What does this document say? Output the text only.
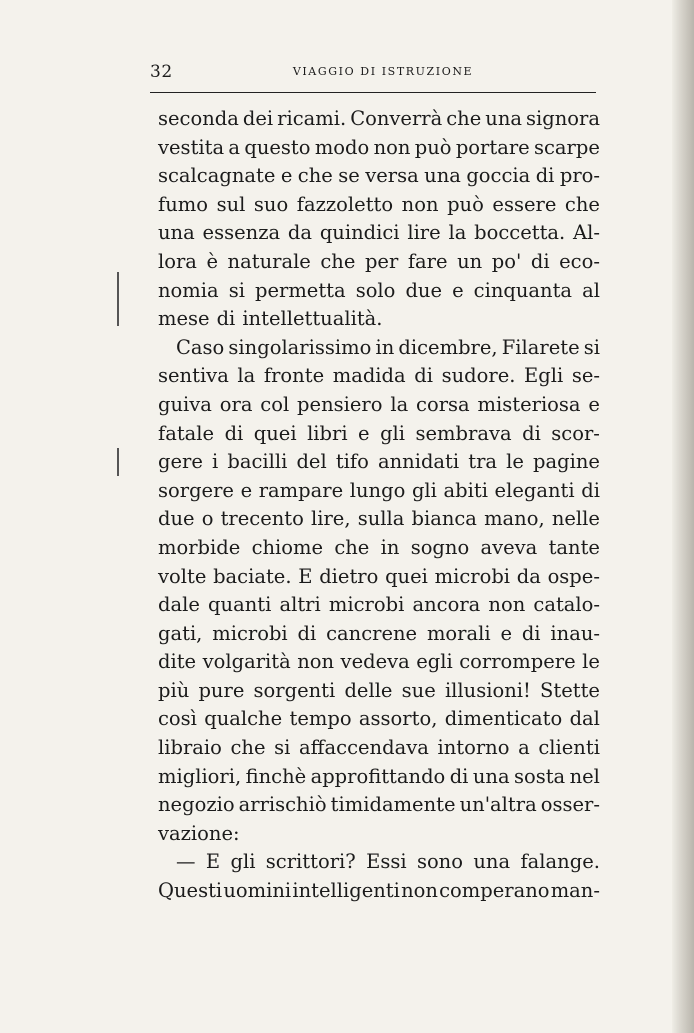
32	VIAGGIO DI ISTRUZIONE
seconda dei ricami. Converrà che una signora
vestita a questo modo non può portare scarpe
scalcagnate e che se versa una goccia di pro-
fumo sul suo fazzoletto non può essere che
una essenza da quindici lire la boccetta. Al-
lora è naturale che per fare un po' di eco-
nomia si permetta solo due e cinquanta al
mese di intellettualità.
Caso singolarissimo in dicembre, Filarete si
sentiva la fronte madida di sudore. Egli se-
guiva ora col pensiero la corsa misteriosa e
fatale di quei libri e gli sembrava di scor-
gere i bacilli del tifo annidati tra le pagine
sorgere e rampare lungo gli abiti eleganti di
due o trecento lire, sulla bianca mano, nelle
morbide chiome che in sogno aveva tante
volte baciate. E dietro quei microbi da ospe-
dale quanti altri microbi ancora non catalo-
gati, microbi di cancrene morali e di inau-
dite volgarità non vedeva egli corrompere le
più pure sorgenti delle sue illusioni! Stette
così qualche tempo assorto, dimenticato dal
libraio che si affaccendava intorno a clienti
migliori, finchè approfittando di una sosta nel
negozio arrischiò timidamente un'altra osser-
vazione:
— E gli scrittori? Essi sono una falange.
Questi uomini intelligenti non comperano man-
